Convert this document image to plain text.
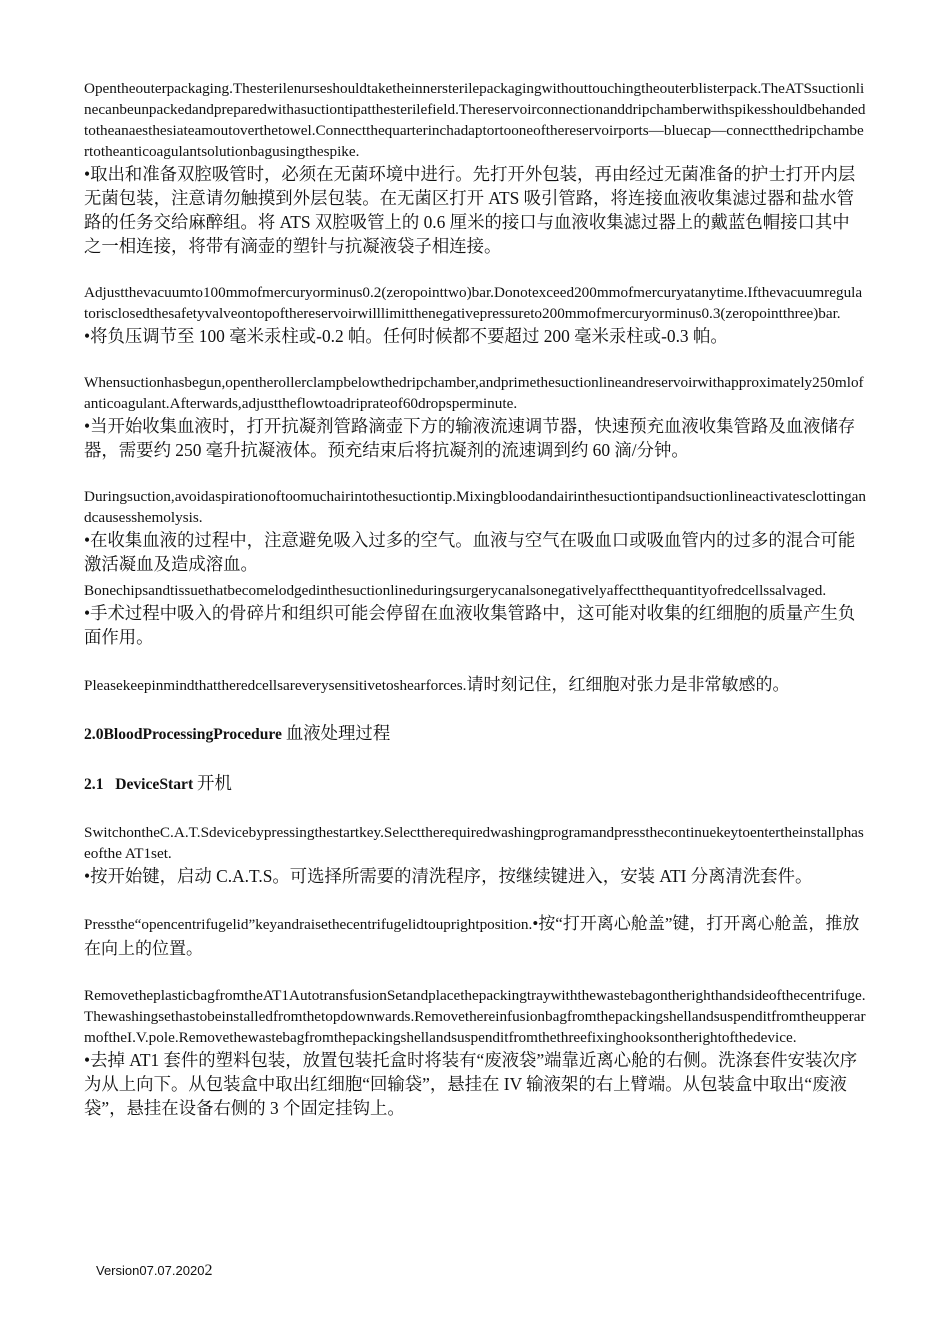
Opentheouterpackaging.Thesterilenurseshouldtaketheinnersterilepackagingwithouttouchingtheouterblisterpack.TheATSsuctionlinecanbeunpackedandpreparedwithasuctiontipatthesterilefield.Thereservoirconnectionanddripchamberwithspikesshouldbehandedtotheanaesthesiateamoutoverthetowel.Connectthequarterinchadaptortooneofthereservoirports—bluecap—connectthedripchambertotheanticoagulantsolutionbagusingthespike.

•取出和准备双腔吸管时，必须在无菌环境中进行。先打开外包装，再由经过无菌准备的护士打开内层无菌包装，注意请勿触摸到外层包装。在无菌区打开 ATS 吸引管路，将连接血液收集滤过器和盐水管路的任务交给麻醉组。将 ATS 双腔吸管上的 0.6 厘米的接口与血液收集滤过器上的戴蓝色帽接口其中之一相连接，将带有滴壶的塑针与抗凝液袋子相连接。

Adjustthevacuumto100mmofmercuryorminus0.2(zeropointtwo)bar.Donotexceed200mmofmercuryatanytime.Ifthevacuumregulatorisclosedthesafetyvalveontopofthereservoirwilllimitthenegativepressureto200mmofmercuryorminus0.3(zeropointthree)bar.

•将负压调节至 100 毫米汞柱或-0.2 帕。任何时候都不要超过 200 毫米汞柱或-0.3 帕。

Whensuctionhasbegun,opentherollerclampbelowthedripchamber,andprimethesuctionlineandreservoirwithapproximately250mlofanticoagulant.Afterwards,adjusttheflowtoadriprateof60dropsperminute.

•当开始收集血液时，打开抗凝剂管路滴壶下方的输液流速调节器，快速预充血液收集管路及血液储存器，需要约 250 毫升抗凝液体。预充结束后将抗凝剂的流速调到约 60 滴/分钟。

Duringsuction,avoidaspirationoftoomuchairintothesuctiontip.Mixingbloodandairinthesuctiontipandsuctionlineactivatesclottingandcausesshemolysis.

•在收集血液的过程中，注意避免吸入过多的空气。血液与空气在吸血口或吸血管内的过多的混合可能激活凝血及造成溶血。

Bonechipsandtissuethatbecomelodgedinthesuctionlineduringsurgerycanalsonegativelyaffectthequantityofredcellssalvaged.

•手术过程中吸入的骨碎片和组织可能会停留在血液收集管路中，这可能对收集的红细胞的质量产生负面作用。

Pleasekeepinmindthattheredcellsareverysensitivetoshearforces.请时刻记住，红细胞对张力是非常敏感的。

2.0BloodProcessingProcedure 血液处理过程
2.1 DeviceStart 开机

SwitchontheC.A.T.Sdevicebypressingthestartkey.Selecttherequiredwashingprogramandpressthecontinuekeytoentertheinstallphaseofthe AT1set.

•按开始键，启动 C.A.T.S。可选择所需要的清洗程序，按继续键进入，安装 ATI 分离清洗套件。

Pressthe“opencentrifugelid”keyandraisethecentrifugelidtouprightposition.•按“打开离心舱盖”键，打开离心舱盖，推放在向上的位置。

RemovetheplasticbagfromtheAT1AutotransfusionSetandplacethepackingtraywiththewastebagontherighthandsideofthecentrifuge.Thewashingsethastobeinstalledfromthetopdownwards.RemovethereinfusionbagfromthepackingshellandsuspenditfromtheupperarmoftheI.V.pole.Removethewastebagfromthepackingshellandsuspenditfromthethreefixinghooksontherightofthedevice.

•去掉 AT1 套件的塑料包装，放置包装托盒时将装有“废液袋”端靠近离心舱的右侧。洗涤套件安装次序为从上向下。从包装盒中取出红细胞“回输袋”，悬挂在 IV 输液架的右上臂端。从包装盒中取出“废液袋”，悬挂在设备右侧的 3 个固定挂钩上。

Version07.07.20202
